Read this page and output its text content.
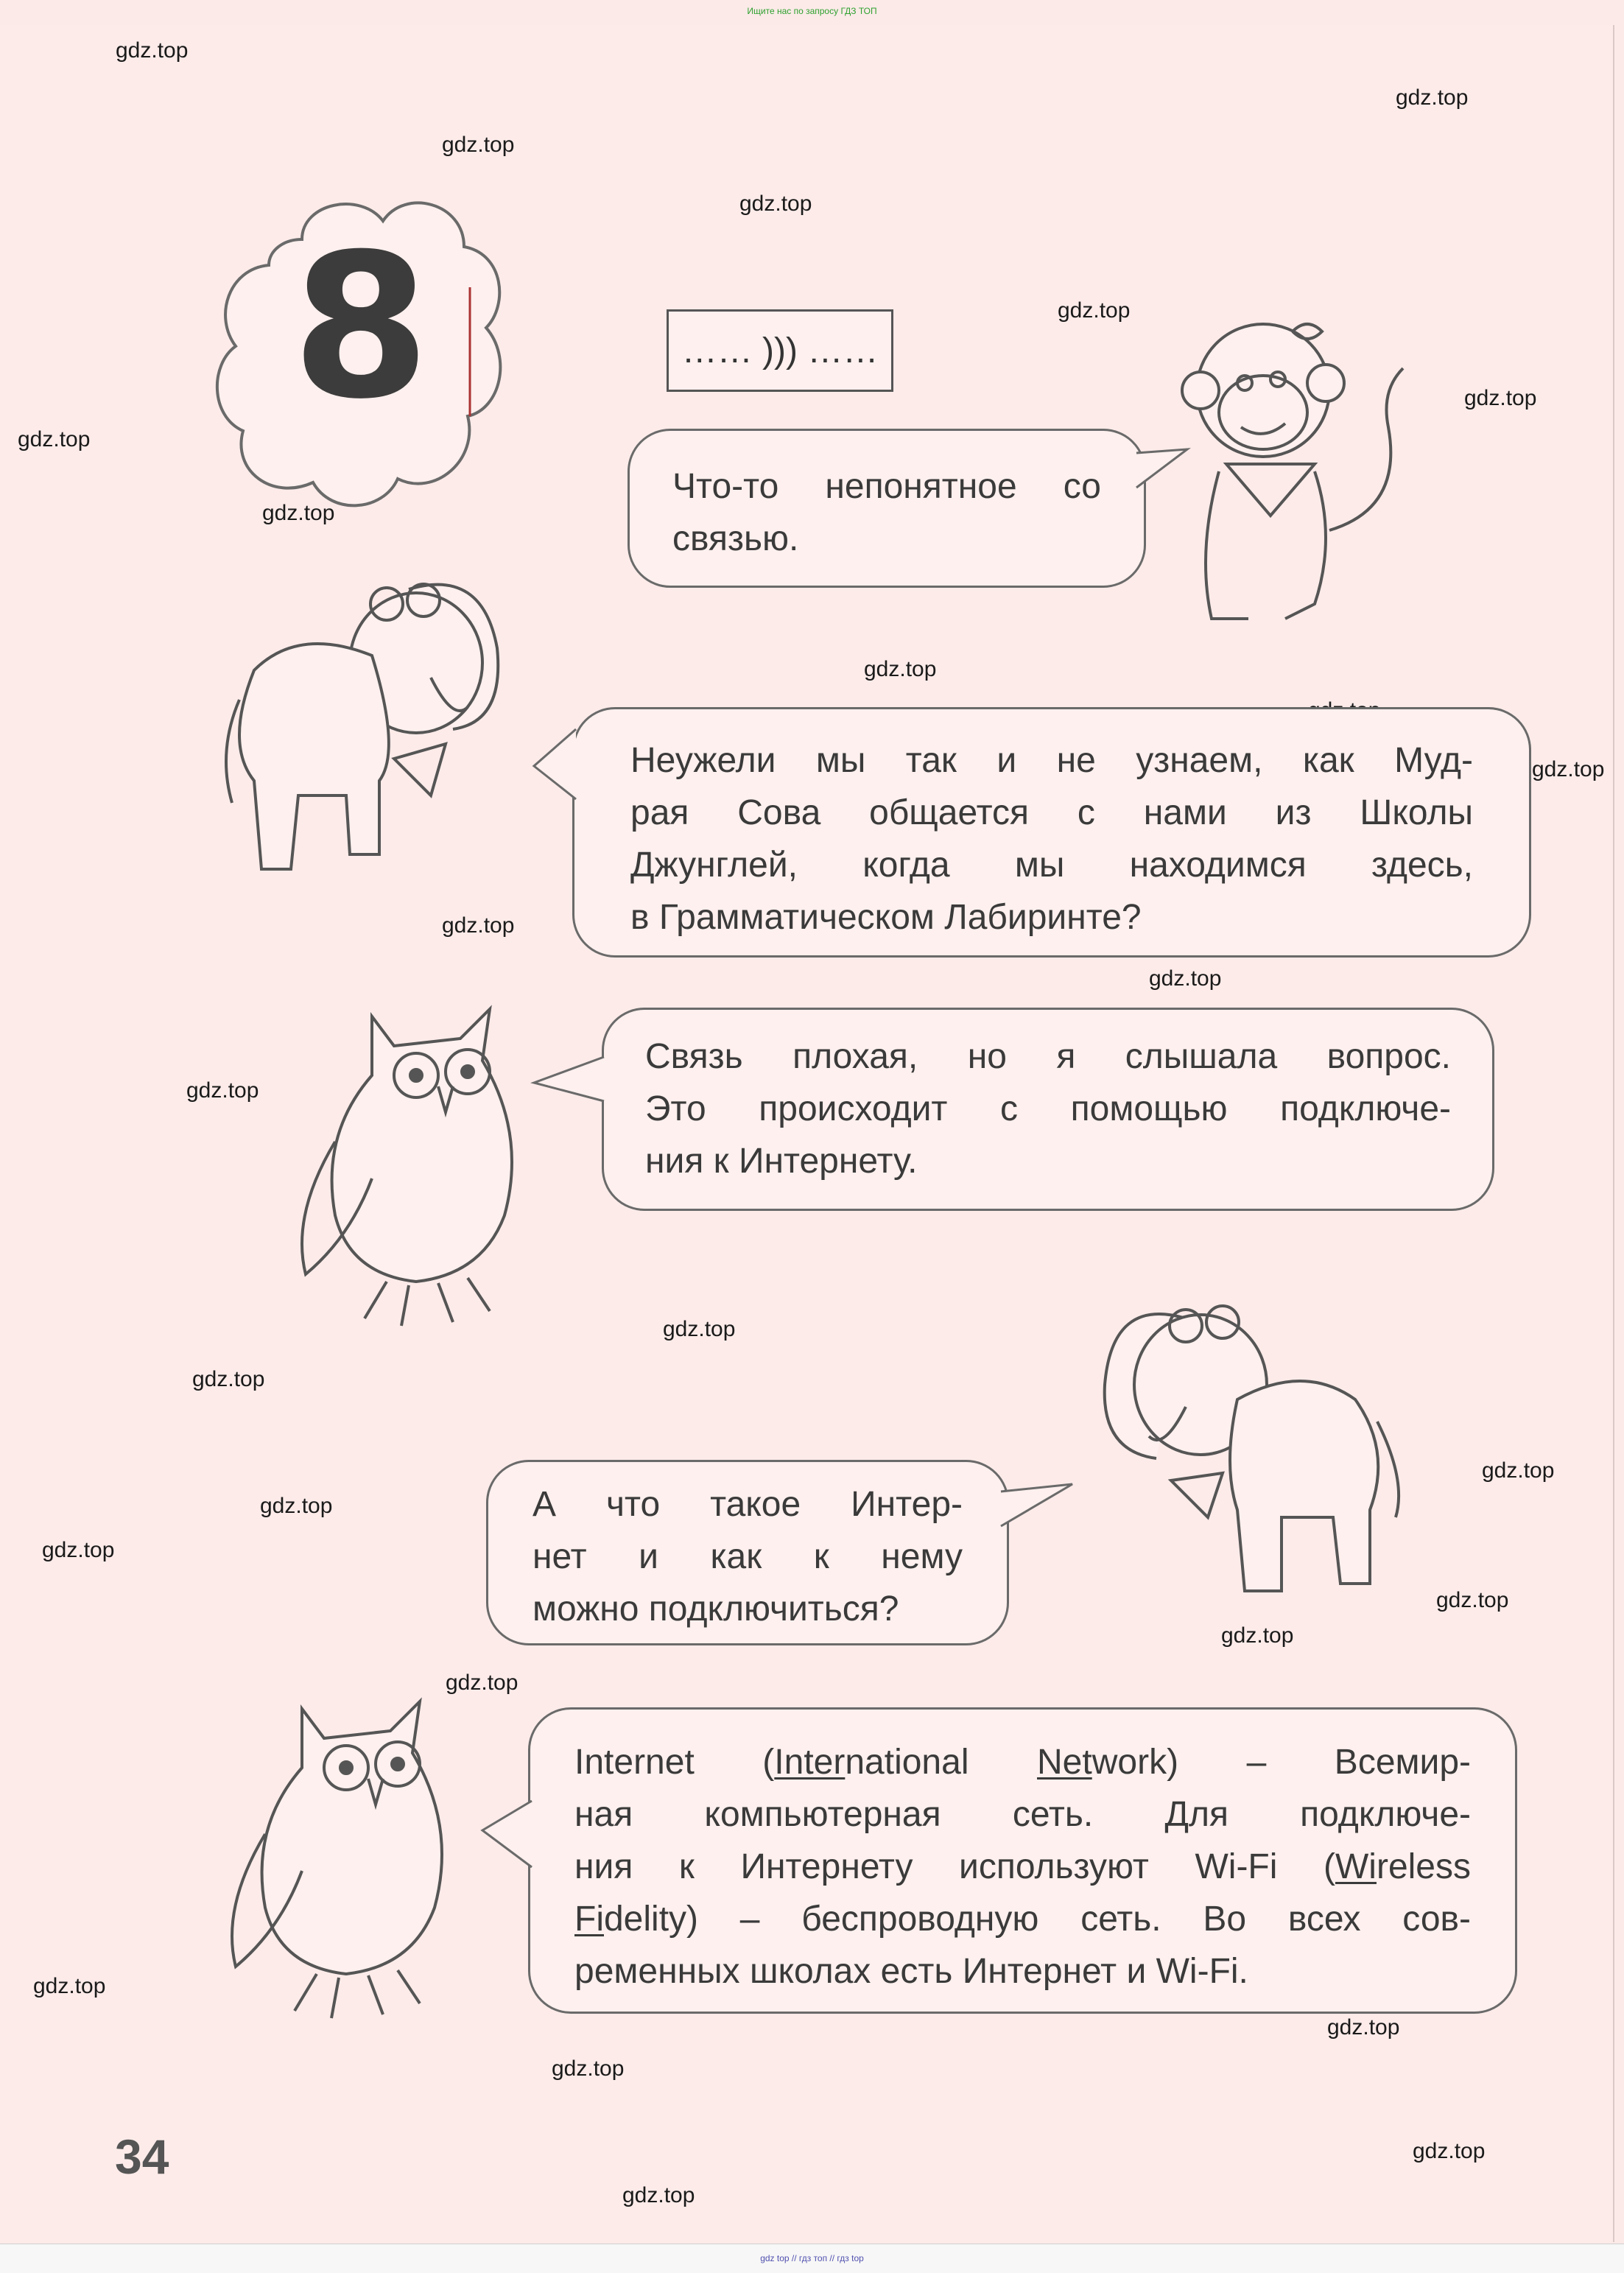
Ищите нас по запросу ГДЗ ТОП
gdz.top
gdz.top
gdz.top
gdz.top
gdz.top
gdz.top
gdz.top
gdz.top
gdz.top
gdz.top
gdz.top
gdz.top
gdz.top
gdz.top
gdz.top
gdz.top
gdz.top
gdz.top
gdz.top
gdz.top
gdz.top
gdz.top
gdz.top
gdz.top
gdz.top
gdz.top
8	…… ))) ……

Что-то непонятное со

связью.

Неужели мы так и не узнаем, как Муд-

рая Сова общается с нами из Школы

Джунглей, когда мы находимся здесь,

в Грамматическом Лабиринте?

Связь плохая, но я слышала вопрос.

Это происходит с помощью подключе-

ния к Интернету.

А что такое Интер-

нет и как к нему

можно подключиться?

Internet (International Network) – Всемир-

ная компьютерная сеть. Для подключе-

ния к Интернету используют Wi-Fi (Wireless

Fidelity) – беспроводную сеть. Во всех сов-

ременных школах есть Интернет и Wi-Fi.

34
gdz top // гдз топ // гдз top
